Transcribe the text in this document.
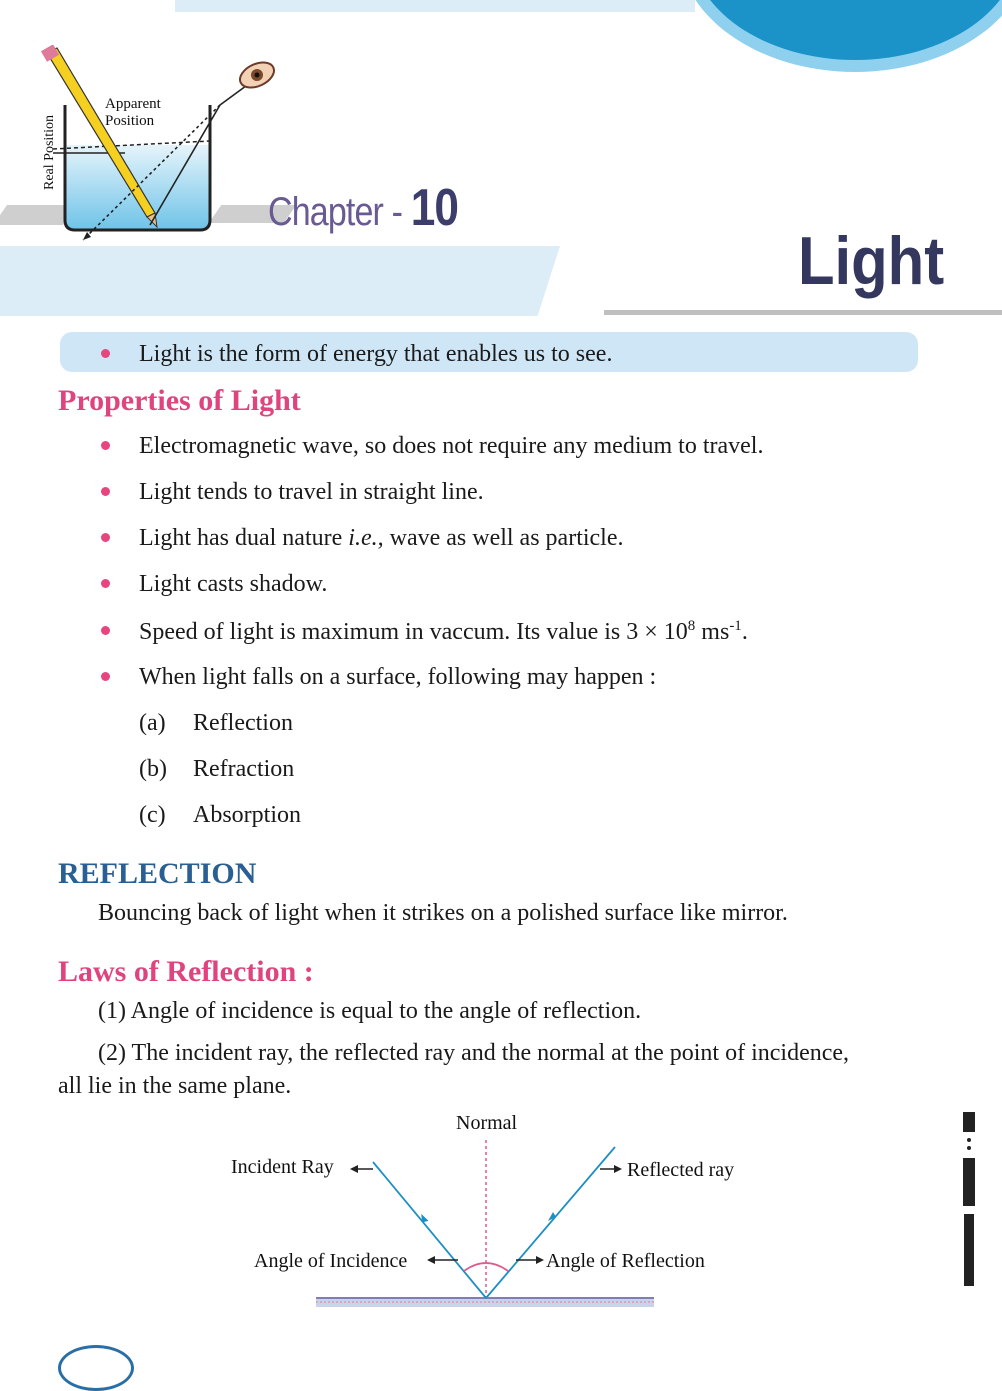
Apparent
Position
Real Position
Chapter - 10
Light
Light is the form of energy that enables us to see.
Properties of Light
Electromagnetic wave, so does not require any medium to travel.
Light tends to travel in straight line.
Light has dual nature i.e., wave as well as particle.
Light casts shadow.
Speed of light is maximum in vaccum. Its value is $3 \times 10^8$ $ms^{-1}$.
When light falls on a surface, following may happen :
(a) Reflection
(b) Refraction
(c) Absorption
REFLECTION
Bouncing back of light when it strikes on a polished surface like mirror.
Laws of Reflection :
(1) Angle of incidence is equal to the angle of reflection.
(2) The incident ray, the reflected ray and the normal at the point of incidence,
all lie in the same plane.
Normal
Incident Ray	Reflected ray
Angle of Incidence	Angle of Reflection
